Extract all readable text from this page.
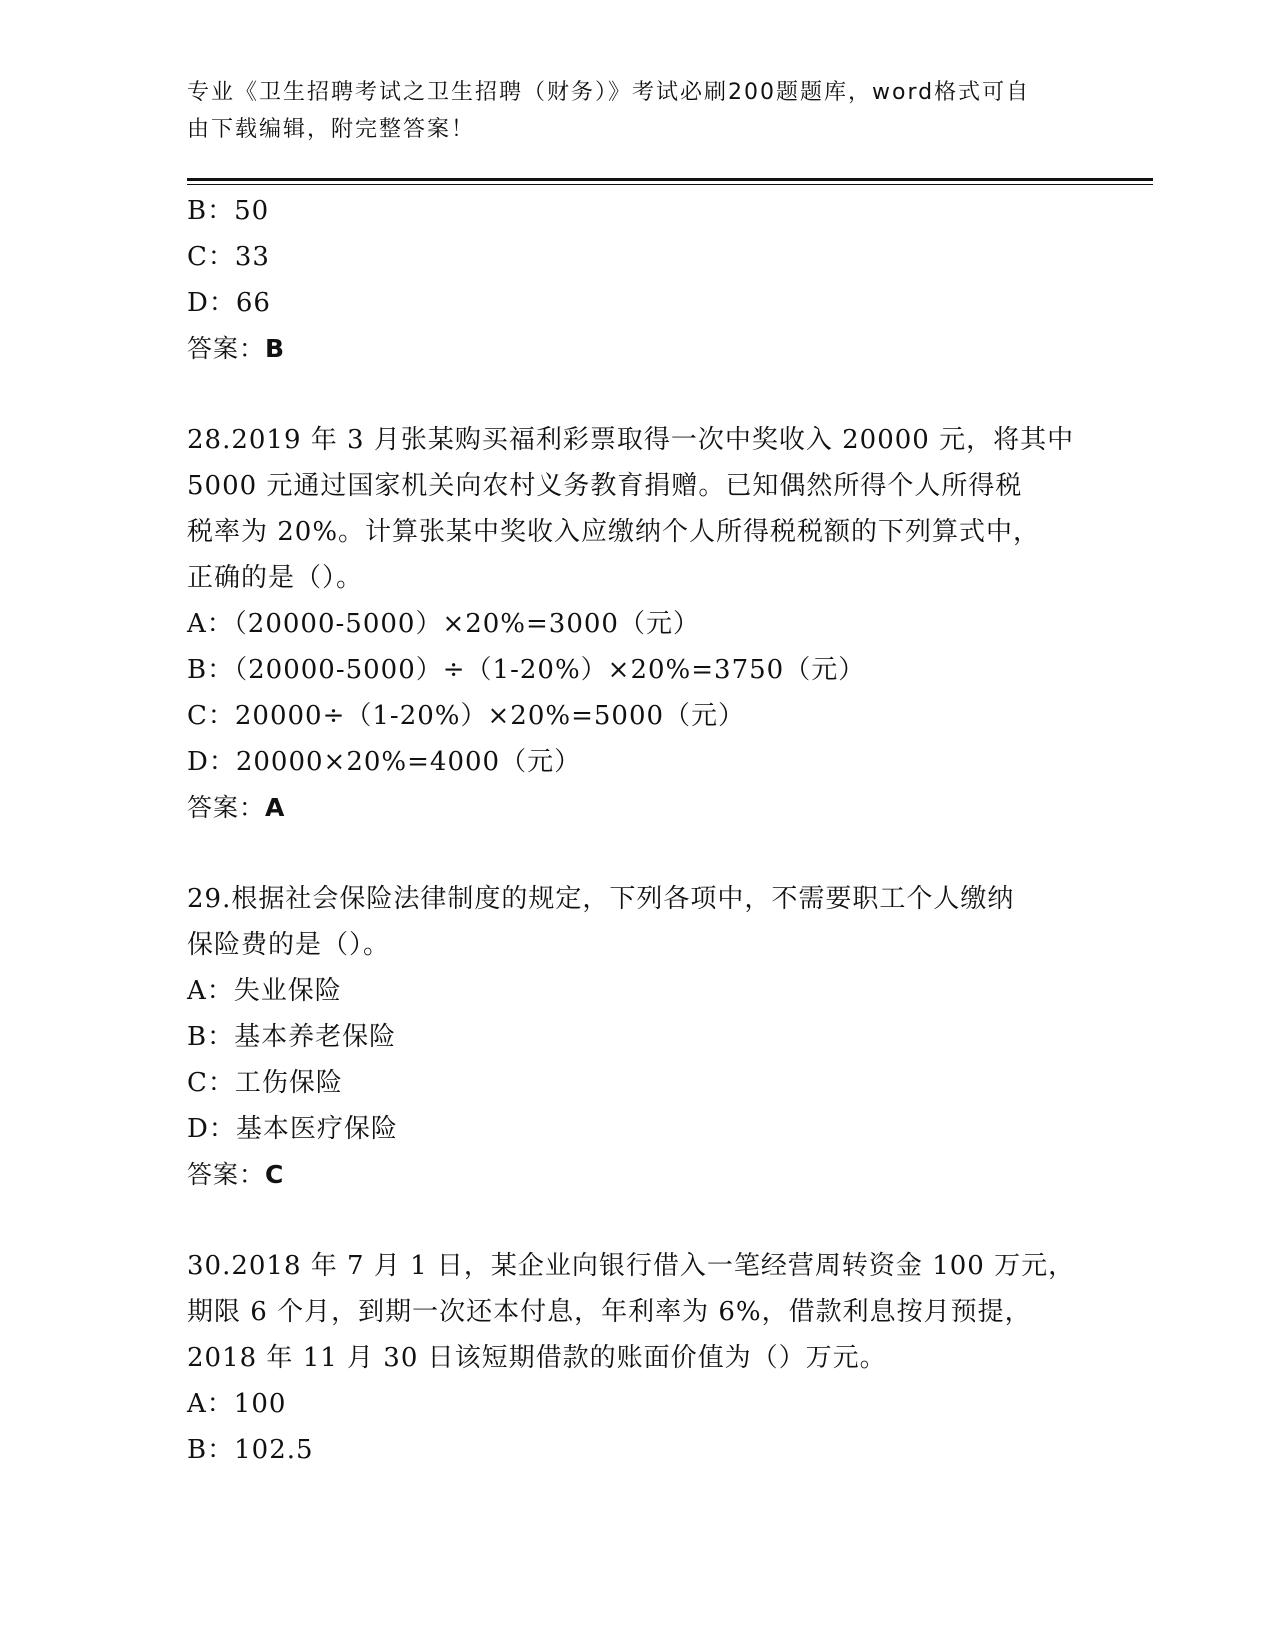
专业《卫生招聘考试之卫生招聘（财务）》考试必刷200题题库，word格式可自
由下载编辑，附完整答案！
B：50
C：33
D：66
答案：B
28.2019 年 3 月张某购买福利彩票取得一次中奖收入 20000 元，将其中
5000 元通过国家机关向农村义务教育捐赠。已知偶然所得个人所得税
税率为 20%。计算张某中奖收入应缴纳个人所得税税额的下列算式中，
正确的是（）。
A：（20000-5000）×20%=3000（元）
B：（20000-5000）÷（1-20%）×20%=3750（元）
C：20000÷（1-20%）×20%=5000（元）
D：20000×20%=4000（元）
答案：A
29.根据社会保险法律制度的规定，下列各项中，不需要职工个人缴纳
保险费的是（）。
A：失业保险
B：基本养老保险
C：工伤保险
D：基本医疗保险
答案：C
30.2018 年 7 月 1 日，某企业向银行借入一笔经营周转资金 100 万元，
期限 6 个月，到期一次还本付息，年利率为 6%，借款利息按月预提，
2018 年 11 月 30 日该短期借款的账面价值为（）万元。
A：100
B：102.5
